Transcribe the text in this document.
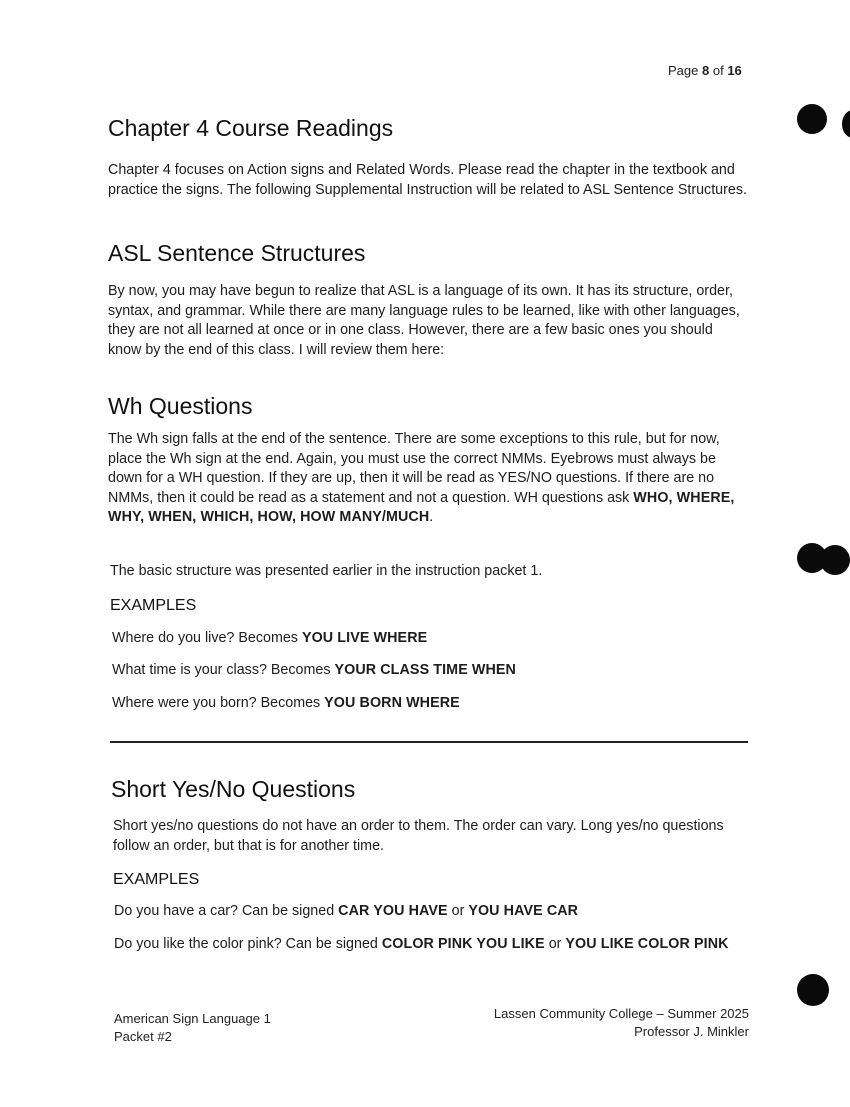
Page 8 of 16
Chapter 4 Course Readings

Chapter 4 focuses on Action signs and Related Words. Please read the chapter in the textbook and practice the signs. The following Supplemental Instruction will be related to ASL Sentence Structures.

ASL Sentence Structures

By now, you may have begun to realize that ASL is a language of its own. It has its structure, order, syntax, and grammar. While there are many language rules to be learned, like with other languages, they are not all learned at once or in one class. However, there are a few basic ones you should know by the end of this class. I will review them here:

Wh Questions

The Wh sign falls at the end of the sentence. There are some exceptions to this rule, but for now, place the Wh sign at the end. Again, you must use the correct NMMs. Eyebrows must always be down for a WH question. If they are up, then it will be read as YES/NO questions. If there are no NMMs, then it could be read as a statement and not a question. WH questions ask WHO, WHERE, WHY, WHEN, WHICH, HOW, HOW MANY/MUCH.

The basic structure was presented earlier in the instruction packet 1.

EXAMPLES
Where do you live? Becomes YOU LIVE WHERE
What time is your class? Becomes YOUR CLASS TIME WHEN
Where were you born? Becomes YOU BORN WHERE
Short Yes/No Questions

Short yes/no questions do not have an order to them. The order can vary. Long yes/no questions follow an order, but that is for another time.

EXAMPLES
Do you have a car? Can be signed CAR YOU HAVE or YOU HAVE CAR
Do you like the color pink? Can be signed COLOR PINK YOU LIKE or YOU LIKE COLOR PINK
American Sign Language 1
Packet #2
Lassen Community College – Summer 2025
Professor J. Minkler
